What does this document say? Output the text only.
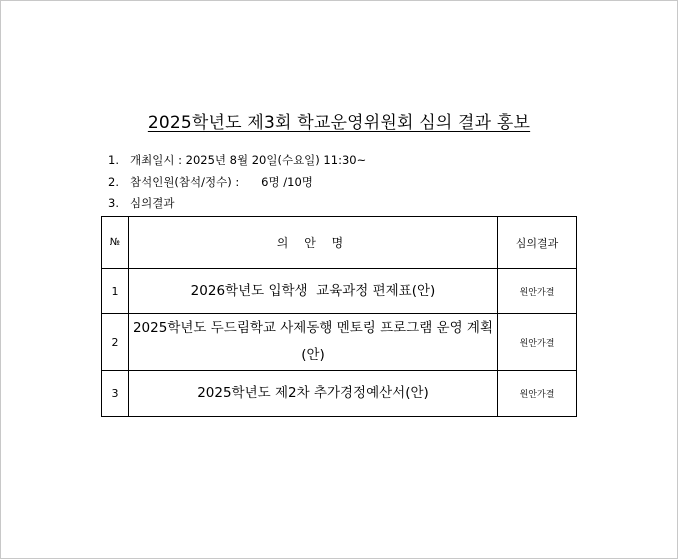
2025학년도 제3회 학교운영위원회 심의 결과 홍보
1. 개최일시 : 2025년 8월 20일(수요일) 11:30~
2. 참석인원(참석/정수) :      6명 /10명
3. 심의결과
№	의 안 명	심의결과
1	2026학년도 입학생  교육과정 편제표(안)	원안가결
2	2025학년도 두드림학교 사제동행 멘토링 프로그램 운영 계획(안)	원안가결
3	2025학년도 제2차 추가경정예산서(안)	원안가결
